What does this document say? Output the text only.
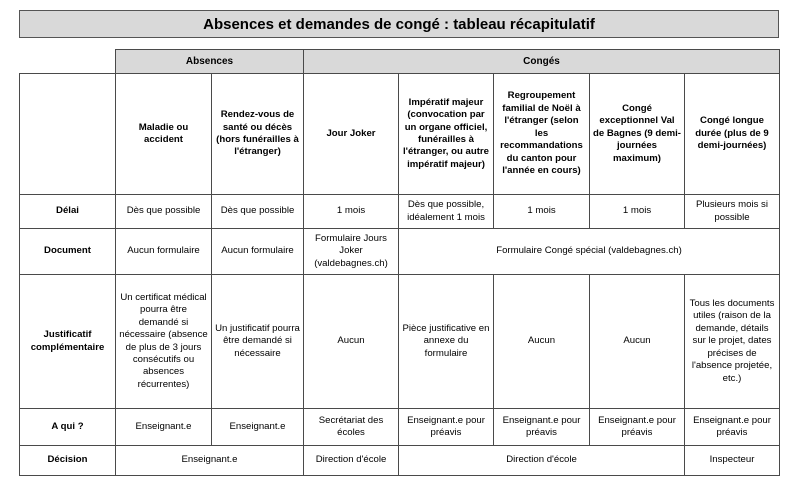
Absences et demandes de congé : tableau récapitulatif
	Absences		Congés				
	Maladie ou accident	Rendez-vous de santé ou décès (hors funérailles à l'étranger)	Jour Joker	Impératif majeur (convocation par un organe officiel, funérailles à l'étranger, ou autre impératif majeur)	Regroupement familial de Noël à l'étranger (selon les recommandations du canton pour l'année en cours)	Congé exceptionnel Val de Bagnes (9 demi-journées maximum)	Congé longue durée (plus de 9 demi-journées)
Délai	Dès que possible	Dès que possible	1 mois	Dès que possible, idéalement 1 mois	1 mois	1 mois	Plusieurs mois si possible
Document	Aucun formulaire	Aucun formulaire	Formulaire Jours Joker (valdebagnes.ch)	Formulaire Congé spécial (valdebagnes.ch)			
Justificatif complémentaire	Un certificat médical pourra être demandé si nécessaire (absence de plus de 3 jours consécutifs ou absences récurrentes)	Un justificatif pourra être demandé si nécessaire	Aucun	Pièce justificative en annexe du formulaire	Aucun	Aucun	Tous les documents utiles (raison de la demande, détails sur le projet, dates précises de l'absence projetée, etc.)
A qui ?	Enseignant.e	Enseignant.e	Secrétariat des écoles	Enseignant.e pour préavis	Enseignant.e pour préavis	Enseignant.e pour préavis	Enseignant.e pour préavis
Décision	Enseignant.e		Direction d'école	Direction d'école			Inspecteur
